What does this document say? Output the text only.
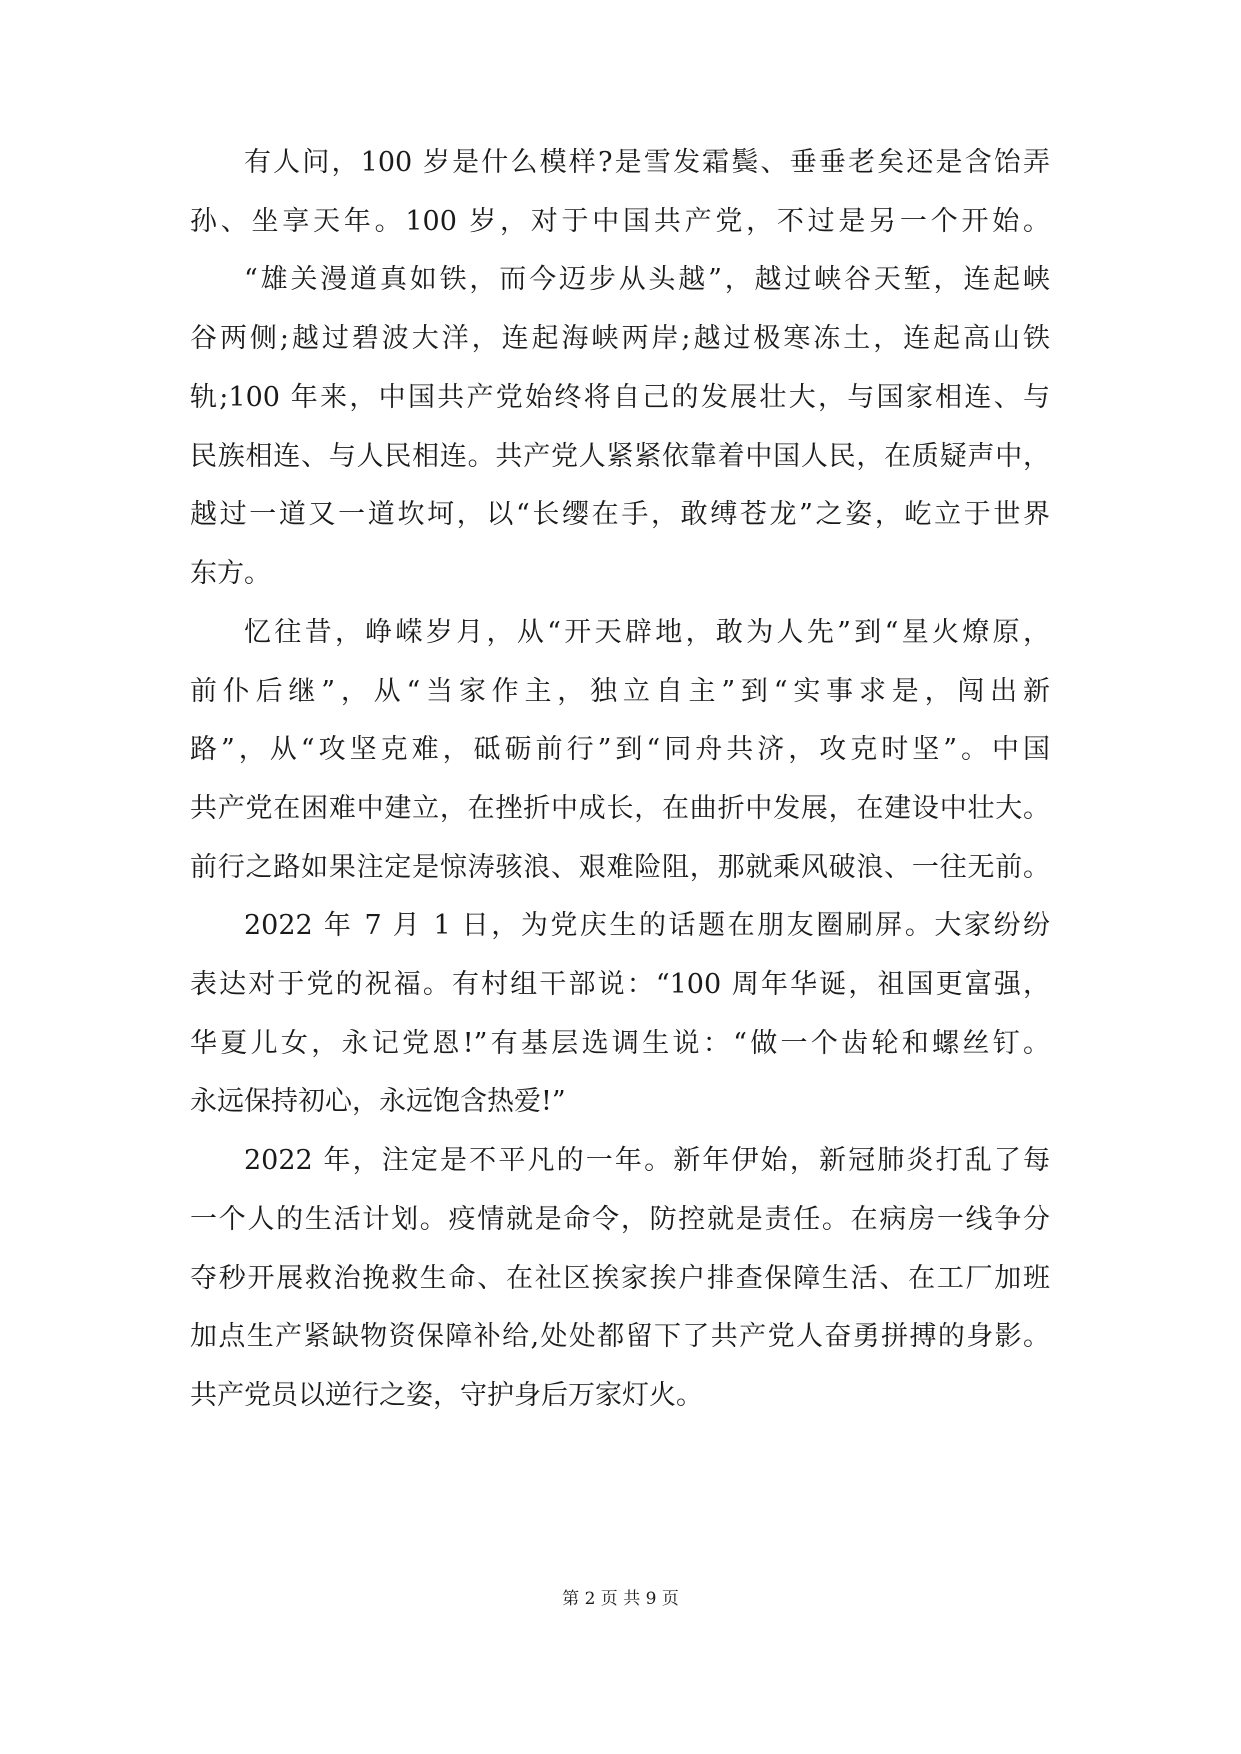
有人问，100 岁是什么模样?是雪发霜鬓、垂垂老矣还是含饴弄
孙、坐享天年。100 岁，对于中国共产党，不过是另一个开始。
“雄关漫道真如铁，而今迈步从头越”，越过峡谷天堑，连起峡
谷两侧;越过碧波大洋，连起海峡两岸;越过极寒冻土，连起高山铁
轨;100 年来，中国共产党始终将自己的发展壮大，与国家相连、与
民族相连、与人民相连。共产党人紧紧依靠着中国人民，在质疑声中，
越过一道又一道坎坷，以“长缨在手，敢缚苍龙”之姿，屹立于世界
东方。
忆往昔，峥嵘岁月，从“开天辟地，敢为人先”到“星火燎原，
前仆后继”，从“当家作主，独立自主”到“实事求是，闯出新
路”，从“攻坚克难，砥砺前行”到“同舟共济，攻克时坚”。中国
共产党在困难中建立，在挫折中成长，在曲折中发展，在建设中壮大。
前行之路如果注定是惊涛骇浪、艰难险阻，那就乘风破浪、一往无前。
2022 年 7 月 1 日，为党庆生的话题在朋友圈刷屏。大家纷纷
表达对于党的祝福。有村组干部说：“100 周年华诞，祖国更富强，
华夏儿女，永记党恩!”有基层选调生说：“做一个齿轮和螺丝钉。
永远保持初心，永远饱含热爱!”
2022 年，注定是不平凡的一年。新年伊始，新冠肺炎打乱了每
一个人的生活计划。疫情就是命令，防控就是责任。在病房一线争分
夺秒开展救治挽救生命、在社区挨家挨户排查保障生活、在工厂加班
加点生产紧缺物资保障补给,处处都留下了共产党人奋勇拼搏的身影。
共产党员以逆行之姿，守护身后万家灯火。
第 2 页 共 9 页
